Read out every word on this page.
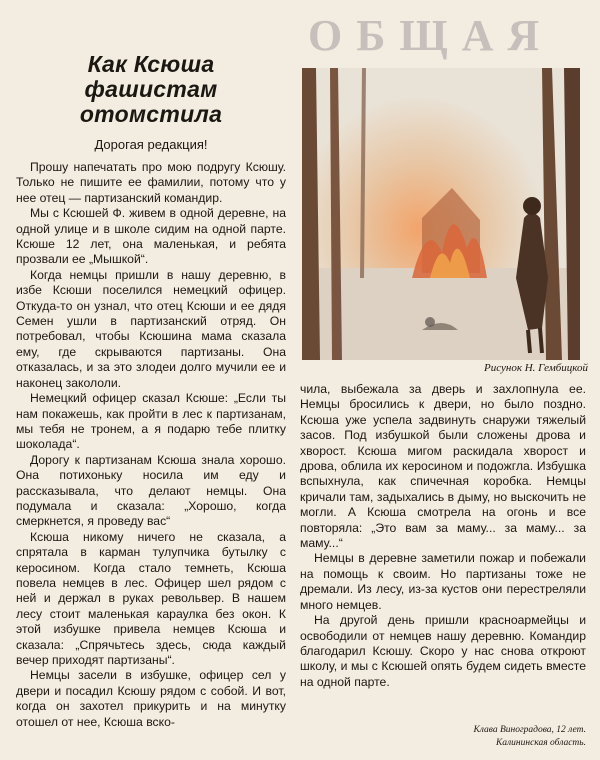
ОБЩАЯ
Как Ксюша
фашистам
отомстила
Дорогая редакция!

Прошу напечатать про мою подругу Ксюшу. Только не пишите ее фамилии, потому что у нее отец — партизанский командир.

Мы с Ксюшей Ф. живем в одной деревне, на одной улице и в школе сидим на одной парте. Ксюше 12 лет, она маленькая, и ребята прозвали ее „Мышкой“.

Когда немцы пришли в нашу деревню, в избе Ксюши поселился немецкий офицер. Откуда-то он узнал, что отец Ксюши и ее дядя Семен ушли в партизанский отряд. Он потребовал, чтобы Ксюшина мама сказала ему, где скрываются партизаны. Она отказалась, и за это злодеи долго мучили ее и наконец закололи.

Немецкий офицер сказал Ксюше: „Если ты нам покажешь, как пройти в лес к партизанам, мы тебя не тронем, а я подарю тебе плитку шоколада“.

Дорогу к партизанам Ксюша знала хорошо. Она потихоньку носила им еду и рассказывала, что делают немцы. Она подумала и сказала: „Хорошо, когда смеркнется, я проведу вас“

Ксюша никому ничего не сказала, а спрятала в карман тулупчика бутылку с керосином. Когда стало темнеть, Ксюша повела немцев в лес. Офицер шел рядом с ней и держал в руках револьвер. В нашем лесу стоит маленькая караулка без окон. К этой избушке привела немцев Ксюша и сказала: „Спрячьтесь здесь, сюда каждый вечер приходят партизаны“.

Немцы засели в избушке, офицер сел у двери и посадил Ксюшу рядом с собой. И вот, когда он захотел прикурить и на минутку отошел от нее, Ксюша вско-

Рисунок Н. Гембицкой

чила, выбежала за дверь и захлопнула ее. Немцы бросились к двери, но было поздно. Ксюша уже успела задвинуть снаружи тяжелый засов. Под избушкой были сложены дрова и хворост. Ксюша мигом раскидала хворост и дрова, облила их керосином и подожгла. Избушка вспыхнула, как спичечная коробка. Немцы кричали там, задыхались в дыму, но выскочить не могли. А Ксюша смотрела на огонь и все повторяла: „Это вам за маму... за маму... за маму...“

Немцы в деревне заметили пожар и побежали на помощь к своим. Но партизаны тоже не дремали. Из лесу, из-за кустов они перестреляли много немцев.

На другой день пришли красноармейцы и освободили от немцев нашу деревню. Командир благодарил Ксюшу. Скоро у нас снова откроют школу, и мы с Ксюшей опять будем сидеть вместе на одной парте.

Клава Виноградова, 12 лет.
Калининская область.
